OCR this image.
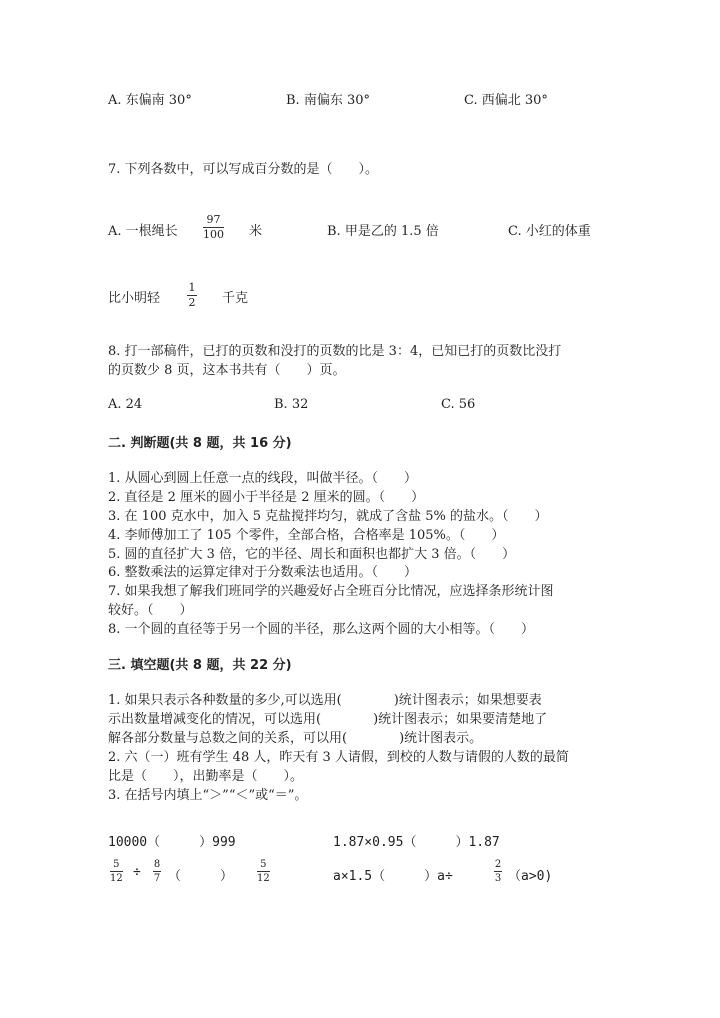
A. 东偏南 30°	B. 南偏东 30°	C. 西偏北 30°
7. 下列各数中，可以写成百分数的是（　　）。
A. 一根绳长
97
100 米	B. 甲是乙的 1.5 倍	C. 小红的体重
比小明轻
1
2 千克
8. 打一部稿件，已打的页数和没打的页数的比是 3：4，已知已打的页数比没打
的页数少 8 页，这本书共有（　　）页。
A. 24	B. 32	C. 56
二. 判断题(共 8 题，共 16 分)
1. 从圆心到圆上任意一点的线段，叫做半径。（　　）
2. 直径是 2 厘米的圆小于半径是 2 厘米的圆。（　　）
3. 在 100 克水中，加入 5 克盐搅拌均匀，就成了含盐 5% 的盐水。（　　）
4. 李师傅加工了 105 个零件，全部合格，合格率是 105%。（　　）
5. 圆的直径扩大 3 倍，它的半径、周长和面积也都扩大 3 倍。（　　）
6. 整数乘法的运算定律对于分数乘法也适用。（　　）
7. 如果我想了解我们班同学的兴趣爱好占全班百分比情况，应选择条形统计图
较好。（　　）
8. 一个圆的直径等于另一个圆的半径，那么这两个圆的大小相等。（　　）
三. 填空题(共 8 题，共 22 分)
1. 如果只表示各种数量的多少,可以选用(　　　　)统计图表示；如果想要表
示出数量增减变化的情况，可以选用(　　　　)统计图表示；如果要清楚地了
解各部分数量与总数之间的关系，可以用(　　　　)统计图表示。
2. 六（一）班有学生 48 人，昨天有 3 人请假，到校的人数与请假的人数的最简
比是（　　），出勤率是（　　）。
3. 在括号内填上“＞”“＜”或“＝”。
10000（　　　）999	1.87×0.95（　　　）1.87
5
12 ÷
8
7 （　　　）
5
12	a×1.5（　　　）a÷
2
3 （a>0)
